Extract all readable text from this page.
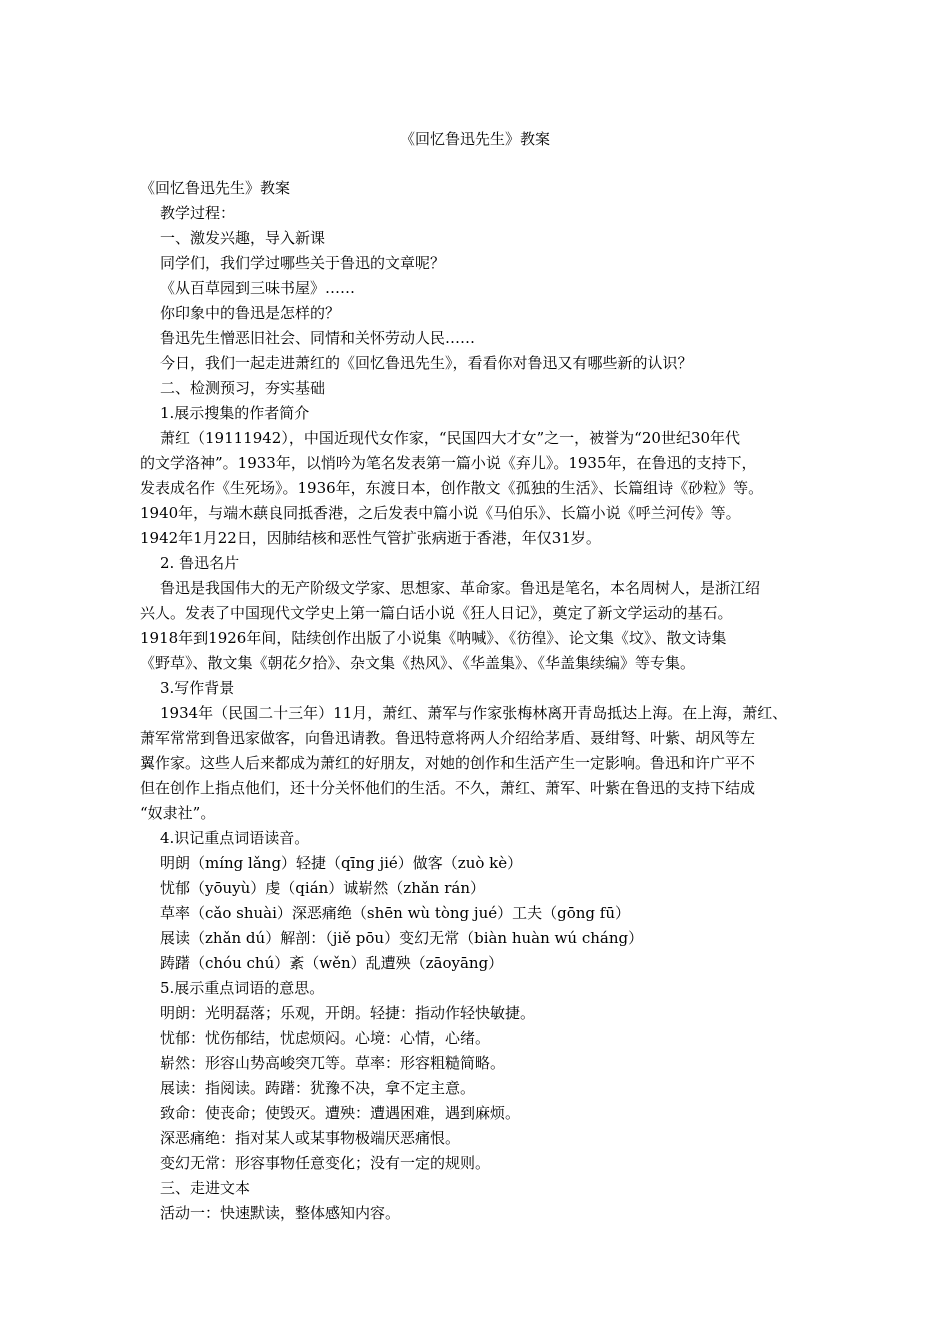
《回忆鲁迅先生》教案
《回忆鲁迅先生》教案
教学过程：
一、激发兴趣，导入新课
同学们，我们学过哪些关于鲁迅的文章呢？
《从百草园到三味书屋》……
你印象中的鲁迅是怎样的？
鲁迅先生憎恶旧社会、同情和关怀劳动人民……
今日，我们一起走进萧红的《回忆鲁迅先生》，看看你对鲁迅又有哪些新的认识？
二、检测预习，夯实基础
1.展示搜集的作者简介
萧红（19111942），中国近现代女作家，“民国四大才女”之一，被誉为“20世纪30年代
的文学洛神”。1933年，以悄吟为笔名发表第一篇小说《弃儿》。1935年，在鲁迅的支持下，
发表成名作《生死场》。1936年，东渡日本，创作散文《孤独的生活》、长篇组诗《砂粒》等。
1940年，与端木蕻良同抵香港，之后发表中篇小说《马伯乐》、长篇小说《呼兰河传》等。
1942年1月22日，因肺结核和恶性气管扩张病逝于香港，年仅31岁。
2. 鲁迅名片
鲁迅是我国伟大的无产阶级文学家、思想家、革命家。鲁迅是笔名，本名周树人，是浙江绍
兴人。发表了中国现代文学史上第一篇白话小说《狂人日记》，奠定了新文学运动的基石。
1918年到1926年间，陆续创作出版了小说集《呐喊》、《彷徨》、论文集《坟》、散文诗集
《野草》、散文集《朝花夕拾》、杂文集《热风》、《华盖集》、《华盖集续编》等专集。
3.写作背景
1934年（民国二十三年）11月，萧红、萧军与作家张梅林离开青岛抵达上海。在上海，萧红、
萧军常常到鲁迅家做客，向鲁迅请教。鲁迅特意将两人介绍给茅盾、聂绀弩、叶紫、胡风等左
翼作家。这些人后来都成为萧红的好朋友，对她的创作和生活产生一定影响。鲁迅和许广平不
但在创作上指点他们，还十分关怀他们的生活。不久，萧红、萧军、叶紫在鲁迅的支持下结成
“奴隶社”。
4.识记重点词语读音。
明朗（míng lǎng）轻捷（qīng jié）做客（zuò kè）
忧郁（yōuyù）虔（qián）诚崭然（zhǎn rán）
草率（cǎo shuài）深恶痛绝（shēn wù tòng jué）工夫（gōng fū）
展读（zhǎn dú）解剖：（jiě pōu）变幻无常（biàn huàn wú cháng）
踌躇（chóu chú）紊（wěn）乱遭殃（zāoyāng）
5.展示重点词语的意思。
明朗：光明磊落；乐观，开朗。轻捷：指动作轻快敏捷。
忧郁：忧伤郁结，忧虑烦闷。心境：心情，心绪。
崭然：形容山势高峻突兀等。草率：形容粗糙简略。
展读：指阅读。踌躇：犹豫不决，拿不定主意。
致命：使丧命；使毁灭。遭殃：遭遇困难，遇到麻烦。
深恶痛绝：指对某人或某事物极端厌恶痛恨。
变幻无常：形容事物任意变化；没有一定的规则。
三、走进文本
活动一：快速默读，整体感知内容。
